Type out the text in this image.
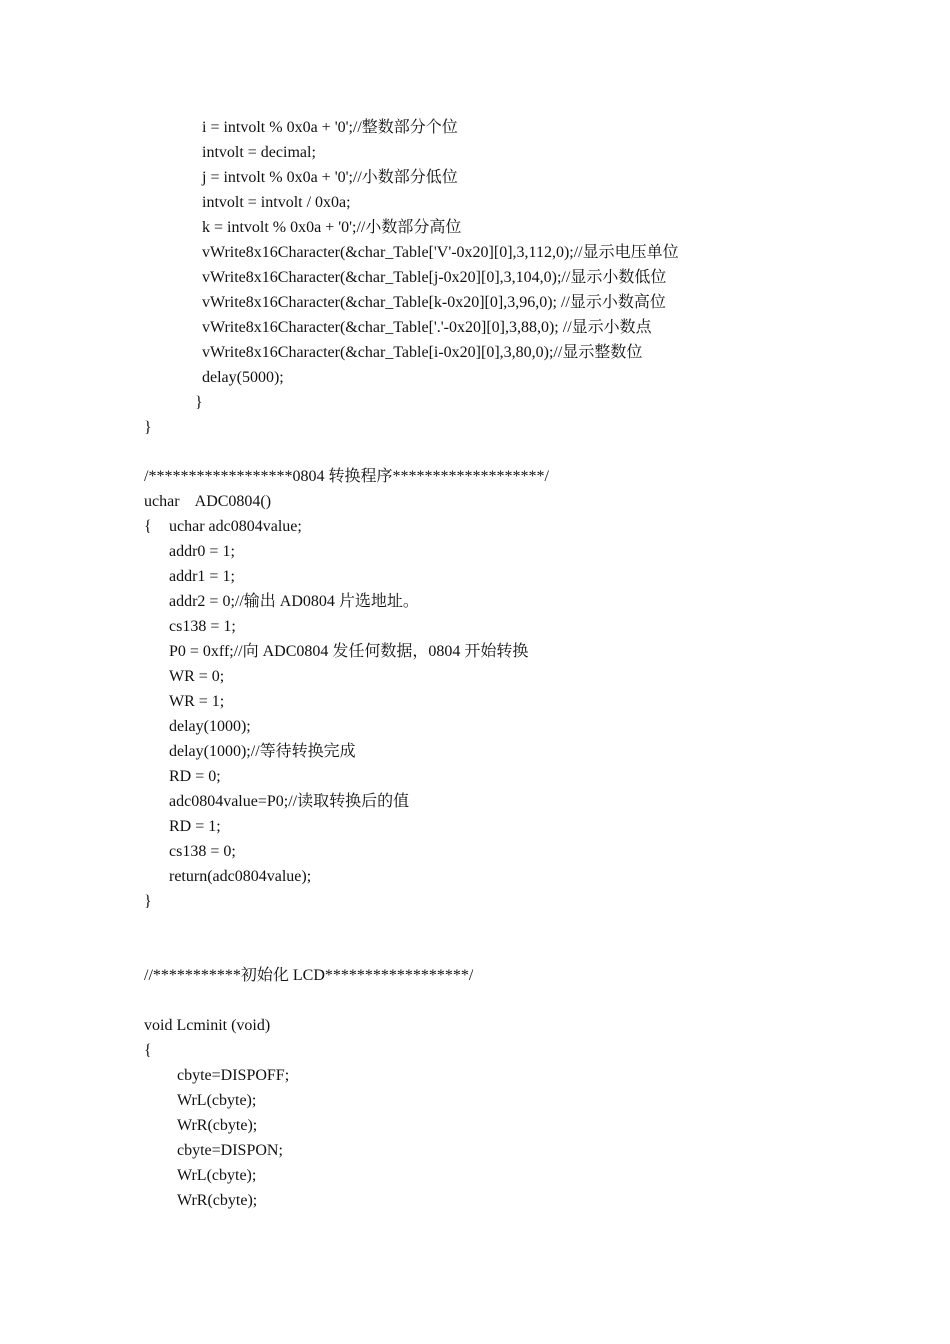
i = intvolt % 0x0a + '0';//整数部分个位
intvolt = decimal;
j = intvolt % 0x0a + '0';//小数部分低位
intvolt = intvolt / 0x0a;
k = intvolt % 0x0a + '0';//小数部分高位
vWrite8x16Character(&char_Table['V'-0x20][0],3,112,0);//显示电压单位
vWrite8x16Character(&char_Table[j-0x20][0],3,104,0);//显示小数低位
vWrite8x16Character(&char_Table[k-0x20][0],3,96,0); //显示小数高位
vWrite8x16Character(&char_Table['.'-0x20][0],3,88,0); //显示小数点
vWrite8x16Character(&char_Table[i-0x20][0],3,80,0);//显示整数位
delay(5000);
}
}
/******************0804 转换程序*******************/
uchar    ADC0804()
{ uchar adc0804value;
addr0 = 1;
addr1 = 1;
addr2 = 0;//输出 AD0804 片选地址。
cs138 = 1;
P0 = 0xff;//向 ADC0804 发任何数据，0804 开始转换
WR = 0;
WR = 1;
delay(1000);
delay(1000);//等待转换完成
RD = 0;
adc0804value=P0;//读取转换后的值
RD = 1;
cs138 = 0;
return(adc0804value);
}
//***********初始化 LCD******************/
void Lcminit (void)
{
cbyte=DISPOFF;
WrL(cbyte);
WrR(cbyte);
cbyte=DISPON;
WrL(cbyte);
WrR(cbyte);
